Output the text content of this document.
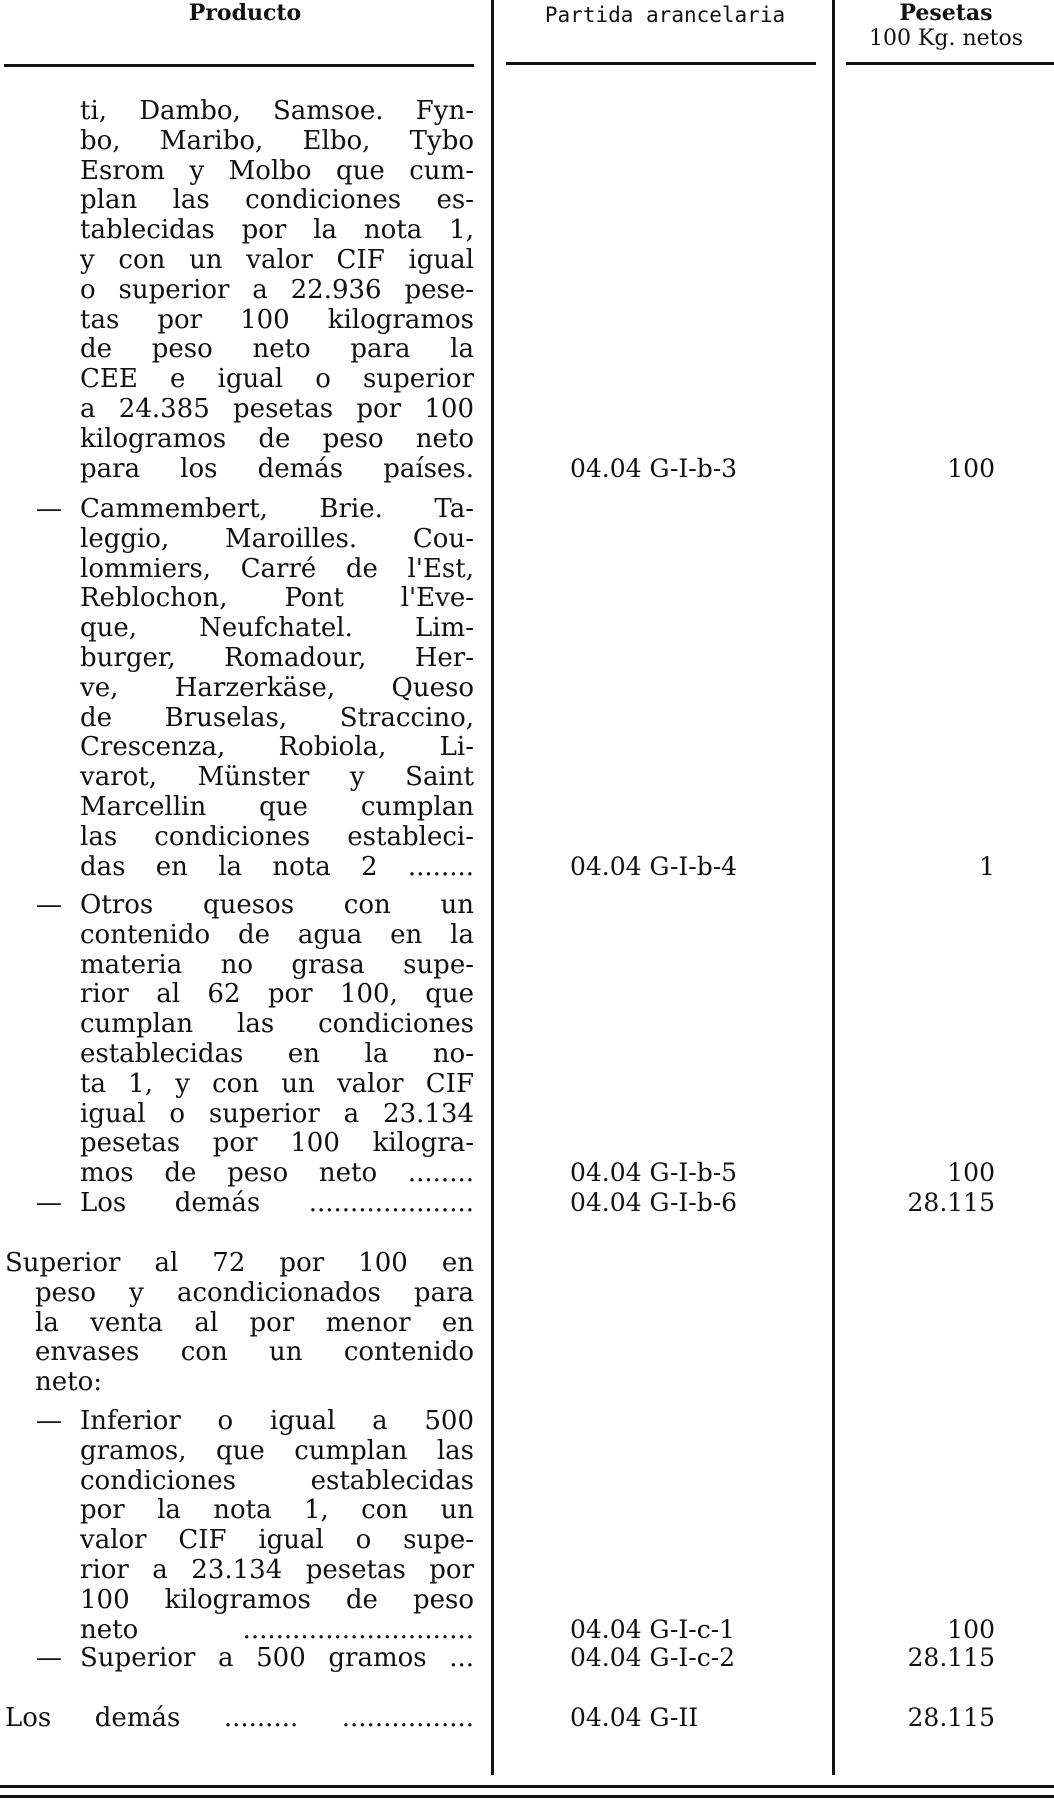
Producto	Partida arancelaria	Pesetas
100 Kg. netos
ti, Dambo, Samsoe. Fyn-
bo, Maribo, Elbo, Tybo
Esrom y Molbo que cum-
plan las condiciones es-
tablecidas por la nota 1,
y con un valor CIF igual
o superior a 22.936 pese-
tas por 100 kilogramos
de peso neto para la
CEE e igual o superior
a 24.385 pesetas por 100
kilogramos de peso neto
para los demás países.	04.04 G-I-b-3	100
— Cammembert, Brie. Ta-
leggio, Maroilles. Cou-
lommiers, Carré de l'Est,
Reblochon, Pont l'Eve-
que, Neufchatel. Lim-
burger, Romadour, Her-
ve, Harzerkäse, Queso
de Bruselas, Straccino,
Crescenza, Robiola, Li-
varot, Münster y Saint
Marcellin que cumplan
las condiciones estableci-
das en la nota 2 ........	04.04 G-I-b-4	1
— Otros quesos con un
contenido de agua en la
materia no grasa supe-
rior al 62 por 100, que
cumplan las condiciones
establecidas en la no-
ta 1, y con un valor CIF
igual o superior a 23.134
pesetas por 100 kilogra-
mos de peso neto ........	04.04 G-I-b-5	100
— Los demás ....................	04.04 G-I-b-6	28.115
Superior al 72 por 100 en
peso y acondicionados para
la venta al por menor en
envases con un contenido
neto:
— Inferior o igual a 500
gramos, que cumplan las
condiciones establecidas
por la nota 1, con un
valor CIF igual o supe-
rior a 23.134 pesetas por
100 kilogramos de peso
neto ............................	04.04 G-I-c-1	100
— Superior a 500 gramos ...	04.04 G-I-c-2	28.115
Los demás ......... ................	04.04 G-II	28.115
